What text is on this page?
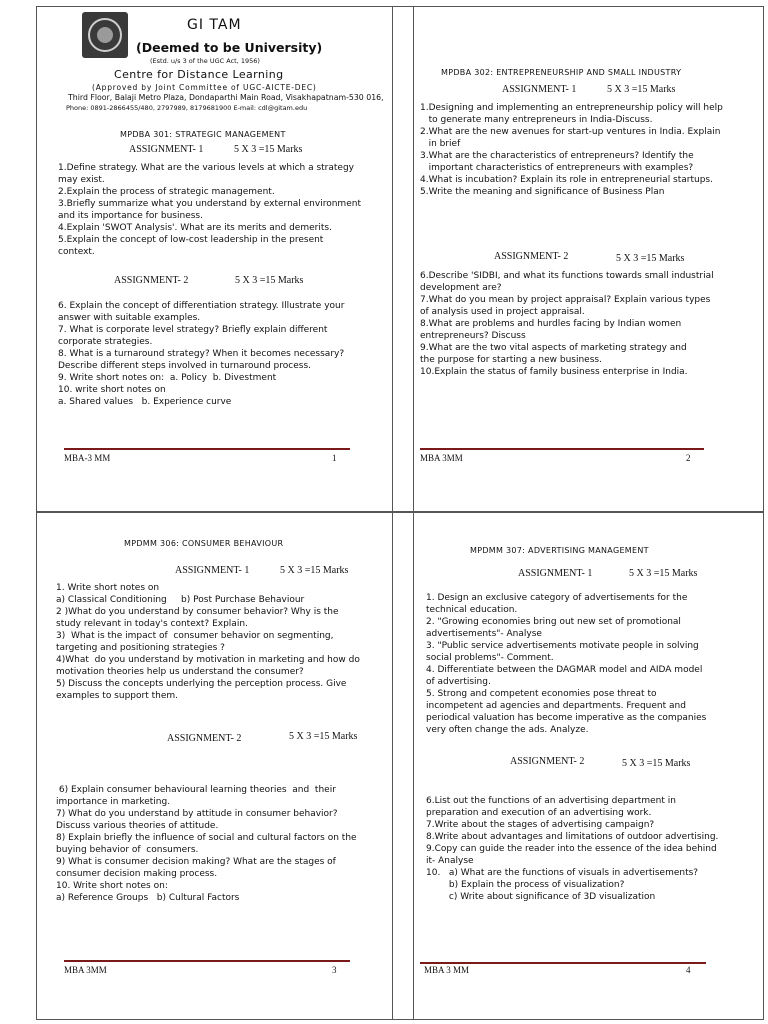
GI TAM
(Deemed to be University)
(Estd. u/s 3 of the UGC Act, 1956)
Centre for Distance Learning
(Approved by Joint Committee of UGC-AICTE-DEC)
Third Floor, Balaji Metro Plaza, Dondaparthi Main Road, Visakhapatnam-530 016,
Phone: 0891-2866455/480, 2797989, 8179681900 E-mail: cdl@gitam.edu
MPDBA 301: STRATEGIC MANAGEMENT
ASSIGNMENT- 1	5 X 3 =15 Marks
1.Define strategy. What are the various levels at which a strategy
may exist.
2.Explain the process of strategic management.
3.Briefly summarize what you understand by external environment
and its importance for business.
4.Explain 'SWOT Analysis'. What are its merits and demerits.
5.Explain the concept of low-cost leadership in the present
context.
ASSIGNMENT- 2	5 X 3 =15 Marks
6. Explain the concept of differentiation strategy. Illustrate your
answer with suitable examples.
7. What is corporate level strategy? Briefly explain different
corporate strategies.
8. What is a turnaround strategy? When it becomes necessary?
Describe different steps involved in turnaround process.
9. Write short notes on:  a. Policy  b. Divestment
10. write short notes on
a. Shared values   b. Experience curve
MBA-3 MM	1
MPDBA 302: ENTREPRENEURSHIP AND SMALL INDUSTRY
ASSIGNMENT- 1	5 X 3 =15 Marks
1.Designing and implementing an entrepreneurship policy will help
to generate many entrepreneurs in India-Discuss.
2.What are the new avenues for start-up ventures in India. Explain
in brief
3.What are the characteristics of entrepreneurs? Identify the
important characteristics of entrepreneurs with examples?
4.What is incubation? Explain its role in entrepreneurial startups.
5.Write the meaning and significance of Business Plan
ASSIGNMENT- 2	5 X 3 =15 Marks
6.Describe 'SIDBI, and what its functions towards small industrial
development are?
7.What do you mean by project appraisal? Explain various types
of analysis used in project appraisal.
8.What are problems and hurdles facing by Indian women
entrepreneurs? Discuss
9.What are the two vital aspects of marketing strategy and
the purpose for starting a new business.
10.Explain the status of family business enterprise in India.
MBA 3MM	2
MPDMM 306: CONSUMER BEHAVIOUR
ASSIGNMENT- 1	5 X 3 =15 Marks
1. Write short notes on
a) Classical Conditioning     b) Post Purchase Behaviour
2 )What do you understand by consumer behavior? Why is the
study relevant in today's context? Explain.
3)  What is the impact of  consumer behavior on segmenting,
targeting and positioning strategies ?
4)What  do you understand by motivation in marketing and how do
motivation theories help us understand the consumer?
5) Discuss the concepts underlying the perception process. Give
examples to support them.
ASSIGNMENT- 2	5 X 3 =15 Marks
6) Explain consumer behavioural learning theories  and  their
importance in marketing.
7) What do you understand by attitude in consumer behavior?
Discuss various theories of attitude.
8) Explain briefly the influence of social and cultural factors on the
buying behavior of  consumers.
9) What is consumer decision making? What are the stages of
consumer decision making process.
10. Write short notes on:
a) Reference Groups   b) Cultural Factors
MBA 3MM	3
MPDMM 307: ADVERTISING MANAGEMENT
ASSIGNMENT- 1	5 X 3 =15 Marks
1. Design an exclusive category of advertisements for the
technical education.
2. "Growing economies bring out new set of promotional
advertisements"- Analyse
3. "Public service advertisements motivate people in solving
social problems"- Comment.
4. Differentiate between the DAGMAR model and AIDA model
of advertising.
5. Strong and competent economies pose threat to
incompetent ad agencies and departments. Frequent and
periodical valuation has become imperative as the companies
very often change the ads. Analyze.
ASSIGNMENT- 2	5 X 3 =15 Marks
6.List out the functions of an advertising department in
preparation and execution of an advertising work.
7.Write about the stages of advertising campaign?
8.Write about advantages and limitations of outdoor advertising.
9.Copy can guide the reader into the essence of the idea behind
it- Analyse
10.   a) What are the functions of visuals in advertisements?
b) Explain the process of visualization?
c) Write about significance of 3D visualization
MBA 3 MM	4
